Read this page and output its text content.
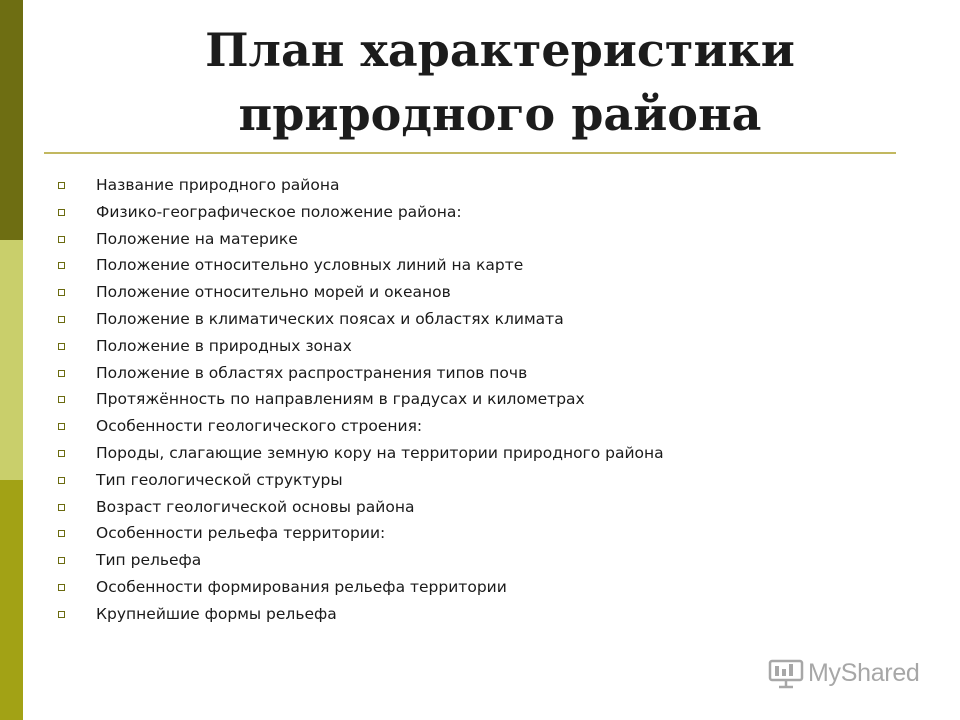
План характеристики
природного района
Название природного района
Физико-географическое положение района:
Положение на материке
Положение относительно условных линий на карте
Положение относительно морей и океанов
Положение в климатических поясах и областях климата
Положение в природных зонах
Положение в областях распространения типов почв
Протяжённость по направлениям в градусах и километрах
Особенности геологического строения:
Породы, слагающие земную кору на территории природного района
Тип геологической структуры
Возраст геологической основы района
Особенности рельефа территории:
Тип рельефа
Особенности формирования рельефа территории
Крупнейшие формы рельефа
MyShared
